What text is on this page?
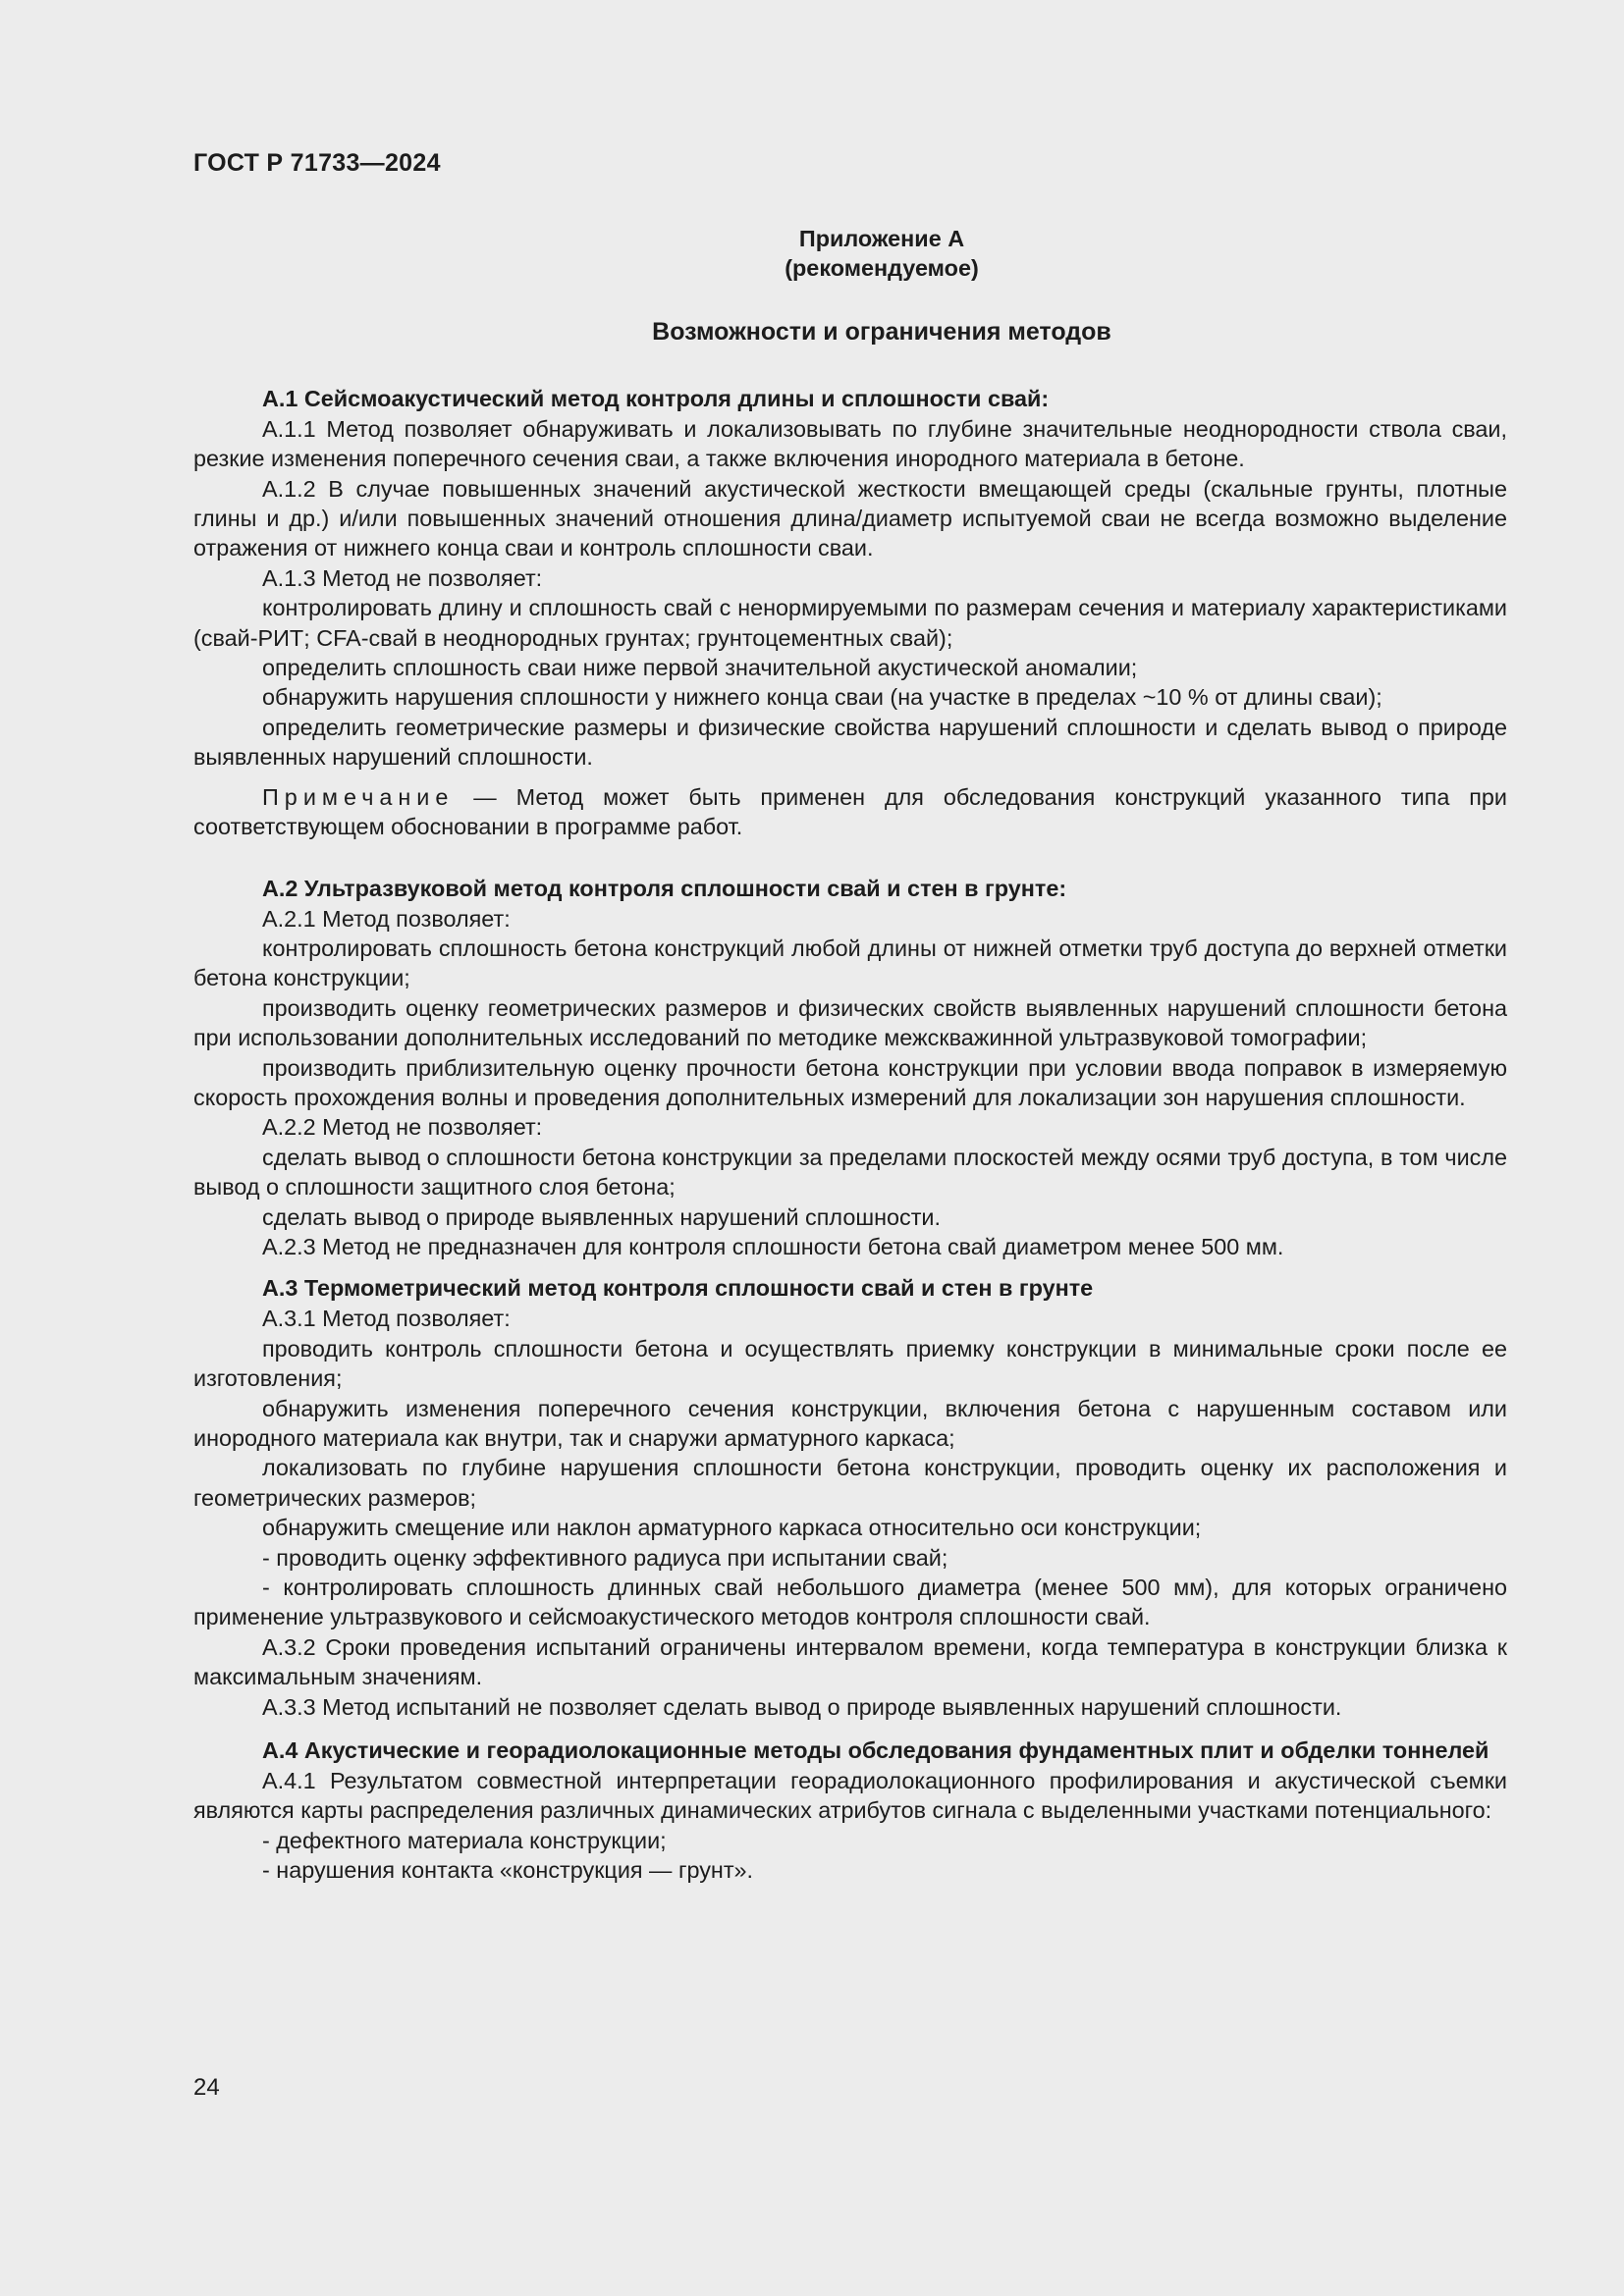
ГОСТ Р 71733—2024

Приложение А

(рекомендуемое)

Возможности и ограничения методов

А.1 Сейсмоакустический метод контроля длины и сплошности свай:

А.1.1 Метод позволяет обнаруживать и локализовывать по глубине значительные неоднородности ствола сваи, резкие изменения поперечного сечения сваи, а также включения инородного материала в бетоне.

А.1.2 В случае повышенных значений акустической жесткости вмещающей среды (скальные грунты, плотные глины и др.) и/или повышенных значений отношения длина/диаметр испытуемой сваи не всегда возможно выделение отражения от нижнего конца сваи и контроль сплошности сваи.

А.1.3 Метод не позволяет:

контролировать длину и сплошность свай с ненормируемыми по размерам сечения и материалу характеристиками (свай-РИТ; CFA-свай в неоднородных грунтах; грунтоцементных свай);

определить сплошность сваи ниже первой значительной акустической аномалии;

обнаружить нарушения сплошности у нижнего конца сваи (на участке в пределах ~10 % от длины сваи);

определить геометрические размеры и физические свойства нарушений сплошности и сделать вывод о природе выявленных нарушений сплошности.

Примечание — Метод может быть применен для обследования конструкций указанного типа при соответствующем обосновании в программе работ.

А.2 Ультразвуковой метод контроля сплошности свай и стен в грунте:

А.2.1 Метод позволяет:

контролировать сплошность бетона конструкций любой длины от нижней отметки труб доступа до верхней отметки бетона конструкции;

производить оценку геометрических размеров и физических свойств выявленных нарушений сплошности бетона при использовании дополнительных исследований по методике межскважинной ультразвуковой томографии;

производить приблизительную оценку прочности бетона конструкции при условии ввода поправок в измеряемую скорость прохождения волны и проведения дополнительных измерений для локализации зон нарушения сплошности.

А.2.2 Метод не позволяет:

сделать вывод о сплошности бетона конструкции за пределами плоскостей между осями труб доступа, в том числе вывод о сплошности защитного слоя бетона;

сделать вывод о природе выявленных нарушений сплошности.

А.2.3 Метод не предназначен для контроля сплошности бетона свай диаметром менее 500 мм.

А.3 Термометрический метод контроля сплошности свай и стен в грунте

А.3.1 Метод позволяет:

проводить контроль сплошности бетона и осуществлять приемку конструкции в минимальные сроки после ее изготовления;

обнаружить изменения поперечного сечения конструкции, включения бетона с нарушенным составом или инородного материала как внутри, так и снаружи арматурного каркаса;

локализовать по глубине нарушения сплошности бетона конструкции, проводить оценку их расположения и геометрических размеров;

обнаружить смещение или наклон арматурного каркаса относительно оси конструкции;

- проводить оценку эффективного радиуса при испытании свай;

- контролировать сплошность длинных свай небольшого диаметра (менее 500 мм), для которых ограничено применение ультразвукового и сейсмоакустического методов контроля сплошности свай.

А.3.2 Сроки проведения испытаний ограничены интервалом времени, когда температура в конструкции близка к максимальным значениям.

А.3.3 Метод испытаний не позволяет сделать вывод о природе выявленных нарушений сплошности.

А.4 Акустические и георадиолокационные методы обследования фундаментных плит и обделки тоннелей

А.4.1 Результатом совместной интерпретации георадиолокационного профилирования и акустической съемки являются карты распределения различных динамических атрибутов сигнала с выделенными участками потенциального:

- дефектного материала конструкции;

- нарушения контакта «конструкция — грунт».

24
